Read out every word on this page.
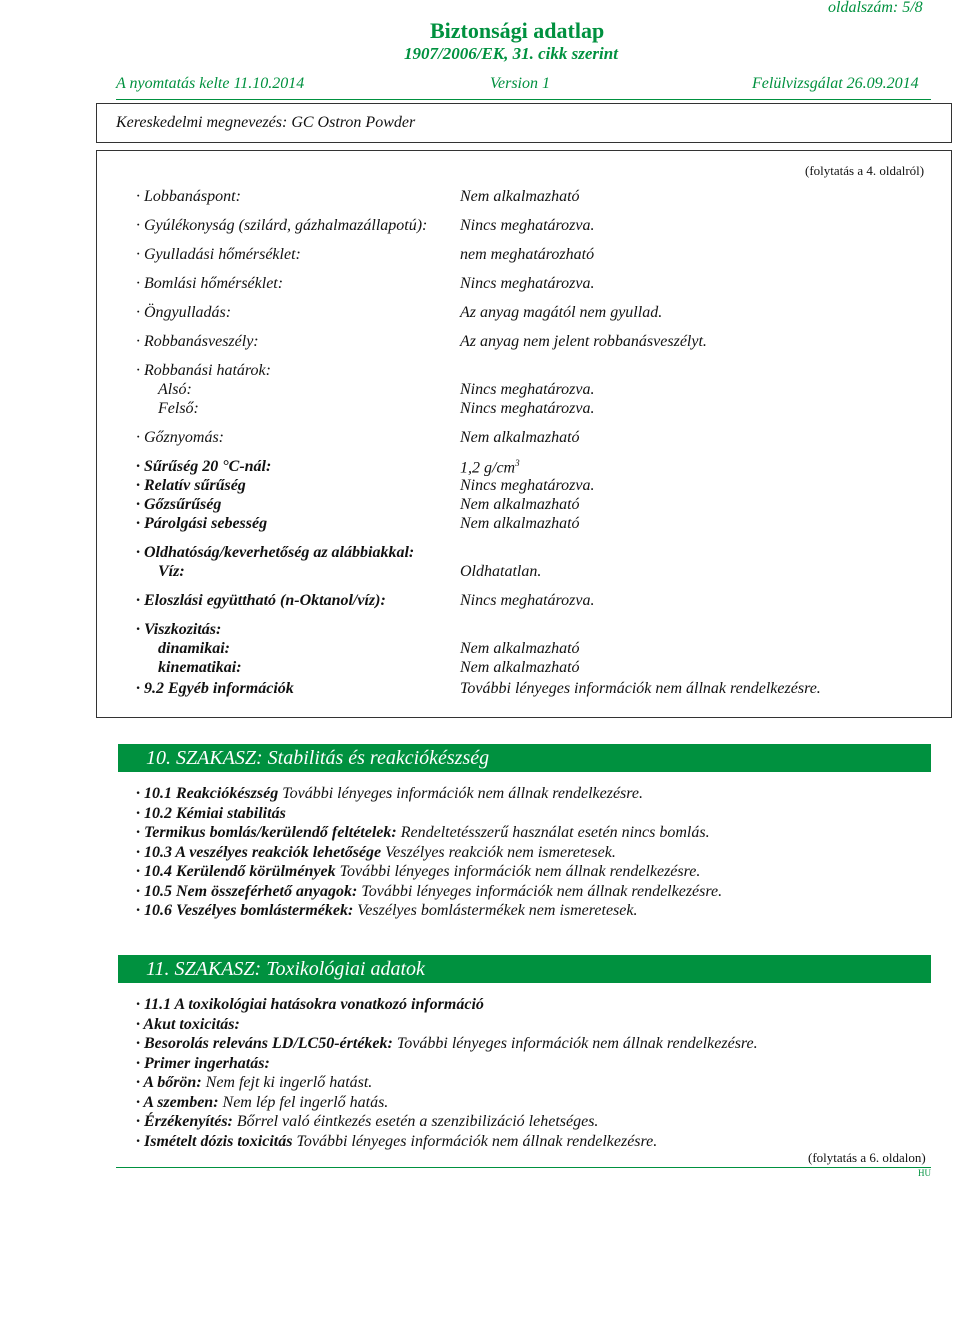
oldalszám: 5/8
Biztonsági adatlap
1907/2006/EK, 31. cikk szerint
A nyomtatás kelte 11.10.2014	Version 1	Felülvizsgálat 26.09.2014
Kereskedelmi megnevezés: GC Ostron Powder
(folytatás a 4. oldalról)
· Lobbanáspont:	Nem alkalmazható
· Gyúlékonyság (szilárd, gázhalmazállapotú): Nincs meghatározva.
· Gyulladási hőmérséklet:	nem meghatározható
· Bomlási hőmérséklet:	Nincs meghatározva.
· Öngyulladás:	Az anyag magától nem gyullad.
· Robbanásveszély:	Az anyag nem jelent robbanásveszélyt.
· Robbanási határok:
Alsó:	Nincs meghatározva.
Felső:	Nincs meghatározva.
· Gőznyomás:	Nem alkalmazható
· Sűrűség 20 °C-nál:	1,2 $g/cm^3$
· Relatív sűrűség	Nincs meghatározva.
· Gőzsűrűség	Nem alkalmazható
· Párolgási sebesség	Nem alkalmazható
· Oldhatóság/keverhetőség az alábbiakkal:
Víz:	Oldhatatlan.
· Eloszlási együttható (n-Oktanol/víz):	Nincs meghatározva.
· Viszkozitás:
dinamikai:	Nem alkalmazható
kinematikai:	Nem alkalmazható
· 9.2 Egyéb információk	További lényeges információk nem állnak rendelkezésre.
10. SZAKASZ: Stabilitás és reakciókészség
· 10.1 Reakciókészség További lényeges információk nem állnak rendelkezésre.
· 10.2 Kémiai stabilitás
· Termikus bomlás/kerülendő feltételek: Rendeltetésszerű használat esetén nincs bomlás.
· 10.3 A veszélyes reakciók lehetősége Veszélyes reakciók nem ismeretesek.
· 10.4 Kerülendő körülmények További lényeges információk nem állnak rendelkezésre.
· 10.5 Nem összeférhető anyagok: További lényeges információk nem állnak rendelkezésre.
· 10.6 Veszélyes bomlástermékek: Veszélyes bomlástermékek nem ismeretesek.
11. SZAKASZ: Toxikológiai adatok
· 11.1 A toxikológiai hatásokra vonatkozó információ
· Akut toxicitás:
· Besorolás releváns LD/LC50-értékek: További lényeges információk nem állnak rendelkezésre.
· Primer ingerhatás:
· A bőrön: Nem fejt ki ingerlő hatást.
· A szemben: Nem lép fel ingerlő hatás.
· Érzékenyítés: Bőrrel való éintkezés esetén a szenzibilizáció lehetséges.
· Ismételt dózis toxicitás További lényeges információk nem állnak rendelkezésre.
(folytatás a 6. oldalon)
HU
